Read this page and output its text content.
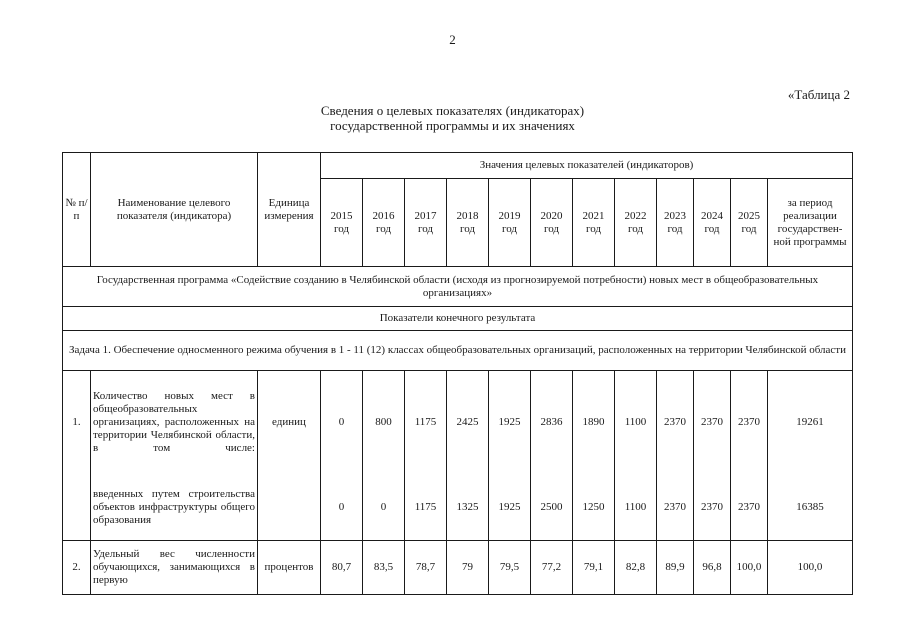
2
«Таблица 2
Сведения о целевых показателях (индикаторах)
государственной программы и их значениях
№ п/п	Наименование целевого показателя (индикатора)	Единица измерения	Значения целевых показателей (индикаторов)											
			2015 год	2016 год	2017 год	2018 год	2019 год	2020 год	2021 год	2022 год	2023 год	2024 год	2025 год	за период реализации государствен-ной программы
Государственная программа «Содействие созданию в Челябинской области (исходя из прогнозируемой потребности) новых мест в общеобразовательных организациях»														
Показатели конечного результата														
Задача 1. Обеспечение односменного режима обучения в 1 - 11 (12) классах общеобразовательных организаций, расположенных на территории Челябинской области														
1.	Количество новых мест в общеобразовательных организациях, расположенных на территории Челябинской области, в том числе:	единиц	0	800	1175	2425	1925	2836	1890	1100	2370	2370	2370	19261
	введенных путем строительства объектов инфраструктуры общего образования		0	0	1175	1325	1925	2500	1250	1100	2370	2370	2370	16385
2.	Удельный вес численности обучающихся, занимающихся в первую	процентов	80,7	83,5	78,7	79	79,5	77,2	79,1	82,8	89,9	96,8	100,0	100,0
